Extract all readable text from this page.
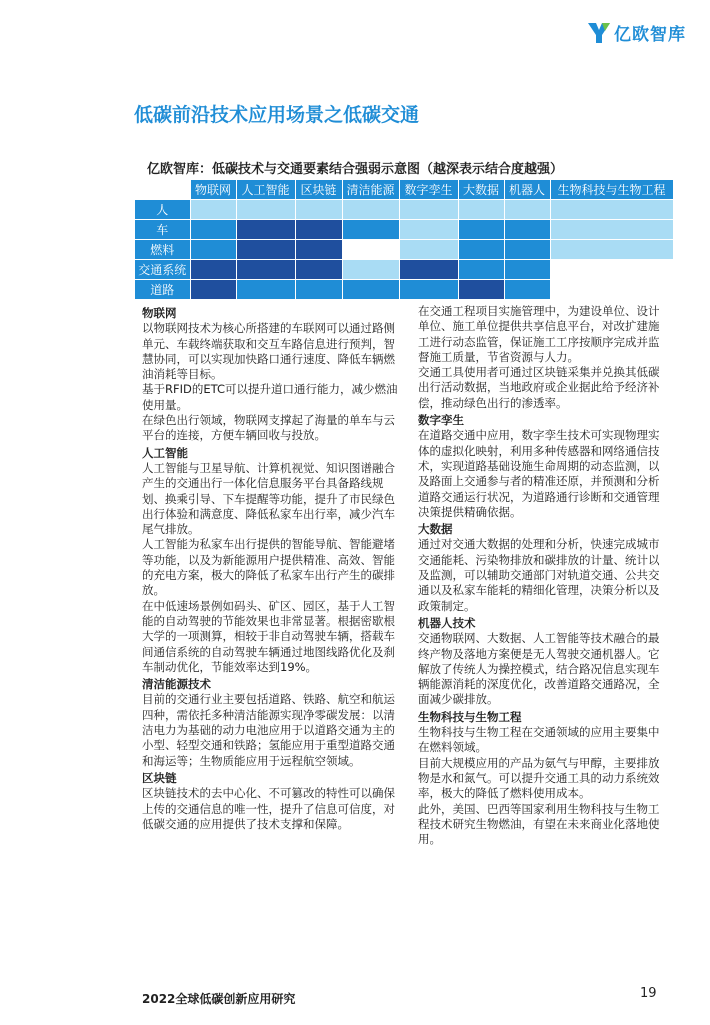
亿欧智库
低碳前沿技术应用场景之低碳交通
亿欧智库：低碳技术与交通要素结合强弱示意图（越深表示结合度越强）
	物联网	人工智能	区块链	清洁能源	数字孪生	大数据	机器人	生物科技与生物工程
人								
车								
燃料								
交通系统								
道路								
物联网

以物联网技术为核心所搭建的车联网可以通过路侧单元、车载终端获取和交互车路信息进行预判，智慧协同，可以实现加快路口通行速度、降低车辆燃油消耗等目标。

基于RFID的ETC可以提升道口通行能力，减少燃油使用量。

在绿色出行领域，物联网支撑起了海量的单车与云平台的连接，方便车辆回收与投放。

人工智能

人工智能与卫星导航、计算机视觉、知识图谱融合产生的交通出行一体化信息服务平台具备路线规划、换乘引导、下车提醒等功能，提升了市民绿色出行体验和满意度、降低私家车出行率，减少汽车尾气排放。

人工智能为私家车出行提供的智能导航、智能避堵等功能，以及为新能源用户提供精准、高效、智能的充电方案，极大的降低了私家车出行产生的碳排放。

在中低速场景例如码头、矿区、园区，基于人工智能的自动驾驶的节能效果也非常显著。根据密歇根大学的一项测算，相较于非自动驾驶车辆，搭载车间通信系统的自动驾驶车辆通过地图线路优化及刹车制动优化，节能效率达到19%。

清洁能源技术

目前的交通行业主要包括道路、铁路、航空和航运四种，需依托多种清洁能源实现净零碳发展：以清洁电力为基础的动力电池应用于以道路交通为主的小型、轻型交通和铁路；氢能应用于重型道路交通和海运等；生物质能应用于远程航空领域。

区块链

区块链技术的去中心化、不可篡改的特性可以确保上传的交通信息的唯一性，提升了信息可信度，对低碳交通的应用提供了技术支撑和保障。

在交通工程项目实施管理中，为建设单位、设计单位、施工单位提供共享信息平台，对改扩建施工进行动态监管，保证施工工序按顺序完成并监督施工质量，节省资源与人力。

交通工具使用者可通过区块链采集并兑换其低碳出行活动数据，当地政府或企业据此给予经济补偿，推动绿色出行的渗透率。

数字孪生

在道路交通中应用，数字孪生技术可实现物理实体的虚拟化映射，利用多种传感器和网络通信技术，实现道路基础设施生命周期的动态监测，以及路面上交通参与者的精准还原，并预测和分析道路交通运行状况，为道路通行诊断和交通管理决策提供精确依据。

大数据

通过对交通大数据的处理和分析，快速完成城市交通能耗、污染物排放和碳排放的计量、统计以及监测，可以辅助交通部门对轨道交通、公共交通以及私家车能耗的精细化管理，决策分析以及政策制定。

机器人技术

交通物联网、大数据、人工智能等技术融合的最终产物及落地方案便是无人驾驶交通机器人。它解放了传统人为操控模式，结合路况信息实现车辆能源消耗的深度优化，改善道路交通路况，全面减少碳排放。

生物科技与生物工程

生物科技与生物工程在交通领域的应用主要集中在燃料领域。

目前大规模应用的产品为氨气与甲醇，主要排放物是水和氮气。可以提升交通工具的动力系统效率，极大的降低了燃料使用成本。

此外，美国、巴西等国家利用生物科技与生物工程技术研究生物燃油，有望在未来商业化落地使用。

2022全球低碳创新应用研究	19
